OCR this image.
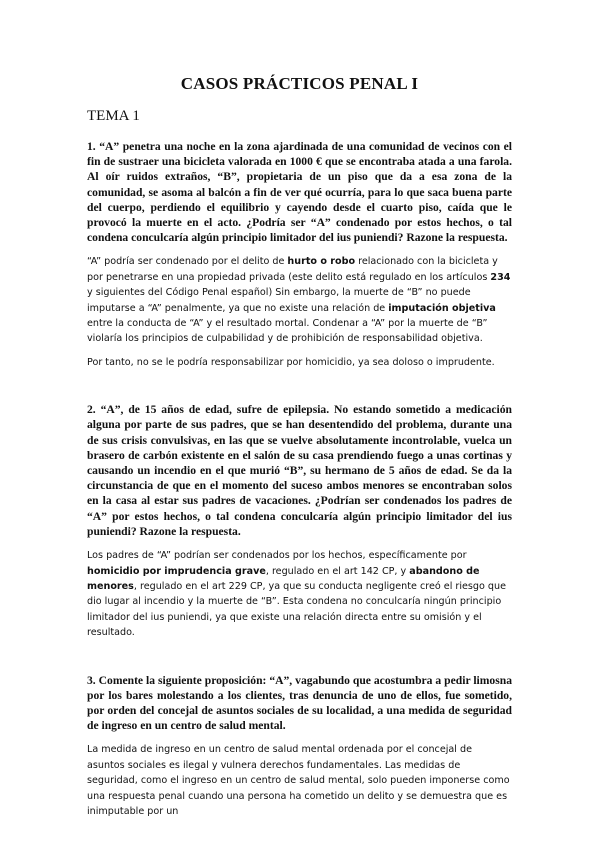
CASOS PRÁCTICOS PENAL I
TEMA 1

1. “A” penetra una noche en la zona ajardinada de una comunidad de vecinos con el fin de sustraer una bicicleta valorada en 1000 € que se encontraba atada a una farola. Al oír ruidos extraños, “B”, propietaria de un piso que da a esa zona de la comunidad, se asoma al balcón a fin de ver qué ocurría, para lo que saca buena parte del cuerpo, perdiendo el equilibrio y cayendo desde el cuarto piso, caída que le provocó la muerte en el acto. ¿Podría ser “A” condenado por estos hechos, o tal condena conculcaría algún principio limitador del ius puniendi? Razone la respuesta.

“A” podría ser condenado por el delito de hurto o robo relacionado con la bicicleta y por penetrarse en una propiedad privada (este delito está regulado en los artículos 234 y siguientes del Código Penal español) Sin embargo, la muerte de “B” no puede imputarse a “A” penalmente, ya que no existe una relación de imputación objetiva entre la conducta de “A” y el resultado mortal. Condenar a “A” por la muerte de “B” violaría los principios de culpabilidad y de prohibición de responsabilidad objetiva.

Por tanto, no se le podría responsabilizar por homicidio, ya sea doloso o imprudente.

2. “A”, de 15 años de edad, sufre de epilepsia. No estando sometido a medicación alguna por parte de sus padres, que se han desentendido del problema, durante una de sus crisis convulsivas, en las que se vuelve absolutamente incontrolable, vuelca un brasero de carbón existente en el salón de su casa prendiendo fuego a unas cortinas y causando un incendio en el que murió “B”, su hermano de 5 años de edad. Se da la circunstancia de que en el momento del suceso ambos menores se encontraban solos en la casa al estar sus padres de vacaciones. ¿Podrían ser condenados los padres de “A” por estos hechos, o tal condena conculcaría algún principio limitador del ius puniendi? Razone la respuesta.

Los padres de “A” podrían ser condenados por los hechos, específicamente por homicidio por imprudencia grave, regulado en el art 142 CP, y abandono de menores, regulado en el art 229 CP, ya que su conducta negligente creó el riesgo que dio lugar al incendio y la muerte de “B”. Esta condena no conculcaría ningún principio limitador del ius puniendi, ya que existe una relación directa entre su omisión y el resultado.

3. Comente la siguiente proposición: “A”, vagabundo que acostumbra a pedir limosna por los bares molestando a los clientes, tras denuncia de uno de ellos, fue sometido, por orden del concejal de asuntos sociales de su localidad, a una medida de seguridad de ingreso en un centro de salud mental.

La medida de ingreso en un centro de salud mental ordenada por el concejal de asuntos sociales es ilegal y vulnera derechos fundamentales. Las medidas de seguridad, como el ingreso en un centro de salud mental, solo pueden imponerse como una respuesta penal cuando una persona ha cometido un delito y se demuestra que es inimputable por un
